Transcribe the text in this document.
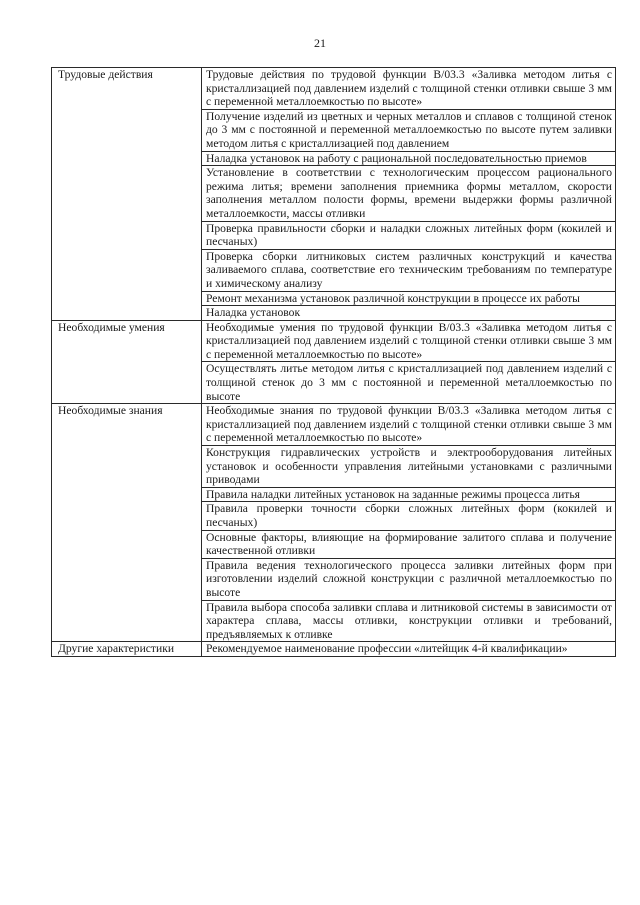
21
Трудовые действия	Трудовые действия по трудовой функции В/03.3 «Заливка методом литья с кристаллизацией под давлением изделий с толщиной стенки отливки свыше 3 мм с переменной металлоемкостью по высоте»
	Получение изделий из цветных и черных металлов и сплавов с толщиной стенок до 3 мм с постоянной и переменной металлоемкостью по высоте путем заливки методом литья с кристаллизацией под давлением
	Наладка установок на работу с рациональной последовательностью приемов
	Установление в соответствии с технологическим процессом рационального режима литья; времени заполнения приемника формы металлом, скорости заполнения металлом полости формы, времени выдержки формы различной металлоемкости, массы отливки
	Проверка правильности сборки и наладки сложных литейных форм (кокилей и песчаных)
	Проверка сборки литниковых систем различных конструкций и качества заливаемого сплава, соответствие его техническим требованиям по температуре и химическому анализу
	Ремонт механизма установок различной конструкции в процессе их работы
	Наладка установок
Необходимые умения	Необходимые умения по трудовой функции В/03.3 «Заливка методом литья с кристаллизацией под давлением изделий с толщиной стенки отливки свыше 3 мм с переменной металлоемкостью по высоте»
	Осуществлять литье методом литья с кристаллизацией под давлением изделий с толщиной стенок до 3 мм с постоянной и переменной металлоемкостью по высоте
Необходимые знания	Необходимые знания по трудовой функции В/03.3 «Заливка методом литья с кристаллизацией под давлением изделий с толщиной стенки отливки свыше 3 мм с переменной металлоемкостью по высоте»
	Конструкция гидравлических устройств и электрооборудования литейных установок и особенности управления литейными установками с различными приводами
	Правила наладки литейных установок на заданные режимы процесса литья
	Правила проверки точности сборки сложных литейных форм (кокилей и песчаных)
	Основные факторы, влияющие на формирование залитого сплава и получение качественной отливки
	Правила ведения технологического процесса заливки литейных форм при изготовлении изделий сложной конструкции с различной металлоемкостью по высоте
	Правила выбора способа заливки сплава и литниковой системы в зависимости от характера сплава, массы отливки, конструкции отливки и требований, предъявляемых к отливке
Другие характеристики	Рекомендуемое наименование профессии «литейщик 4-й квалификации»
